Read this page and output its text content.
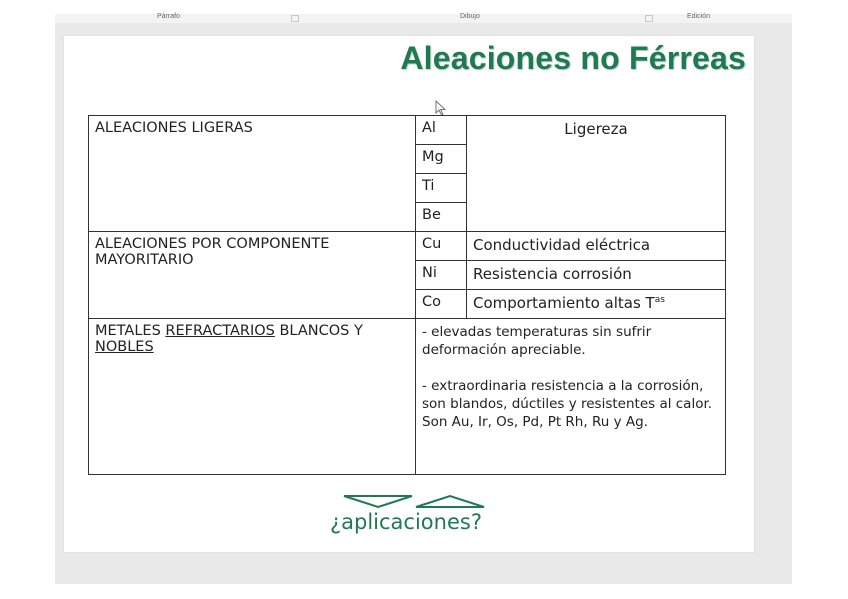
Párrafo	Dibujo	Edición
Aleaciones no Férreas
ALEACIONES LIGERAS	Al	Ligereza
	Mg	
	Ti	
	Be	
ALEACIONES POR COMPONENTE MAYORITARIO	Cu	Conductividad eléctrica
	Ni	Resistencia corrosión
	Co	Comportamiento altas $T^{as}$
METALES REFRACTARIOS BLANCOS Y NOBLES	- elevadas temperaturas sin sufrir deformación apreciable.
- extraordinaria resistencia a la corrosión, son blandos, dúctiles y resistentes al calor. Son Au, Ir, Os, Pd, Pt Rh, Ru y Ag.	
¿aplicaciones?
